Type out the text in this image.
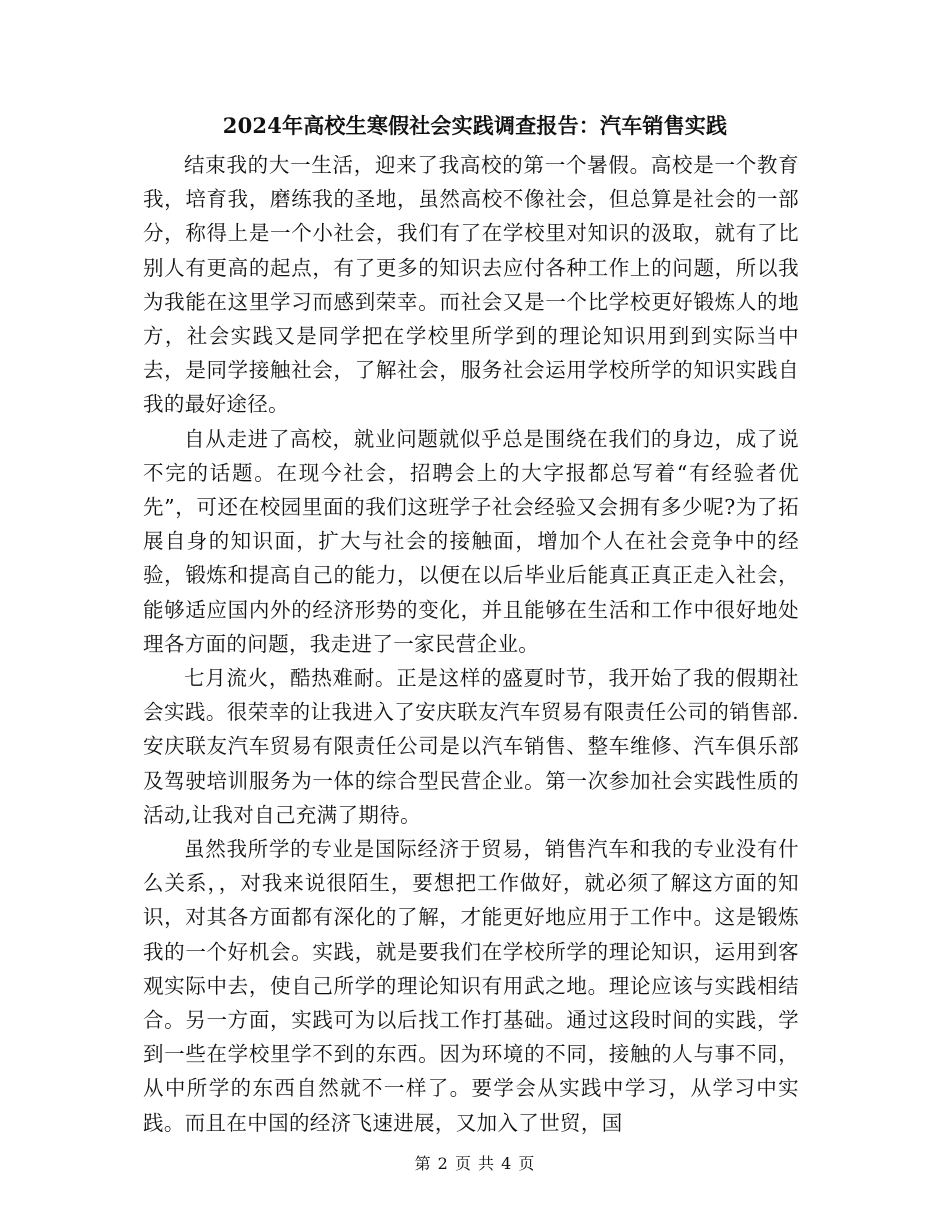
2024年高校生寒假社会实践调查报告：汽车销售实践

结束我的大一生活，迎来了我高校的第一个暑假。高校是一个教育我，培育我，磨练我的圣地，虽然高校不像社会，但总算是社会的一部分，称得上是一个小社会，我们有了在学校里对知识的汲取，就有了比别人有更高的起点，有了更多的知识去应付各种工作上的问题，所以我为我能在这里学习而感到荣幸。而社会又是一个比学校更好锻炼人的地方，社会实践又是同学把在学校里所学到的理论知识用到到实际当中去，是同学接触社会，了解社会，服务社会运用学校所学的知识实践自我的最好途径。

自从走进了高校，就业问题就似乎总是围绕在我们的身边，成了说不完的话题。在现今社会，招聘会上的大字报都总写着“有经验者优先”，可还在校园里面的我们这班学子社会经验又会拥有多少呢?为了拓展自身的知识面，扩大与社会的接触面，增加个人在社会竞争中的经验，锻炼和提高自己的能力，以便在以后毕业后能真正真正走入社会，能够适应国内外的经济形势的变化，并且能够在生活和工作中很好地处理各方面的问题，我走进了一家民营企业。

七月流火，酷热难耐。正是这样的盛夏时节，我开始了我的假期社会实践。很荣幸的让我进入了安庆联友汽车贸易有限责任公司的销售部.安庆联友汽车贸易有限责任公司是以汽车销售、整车维修、汽车俱乐部及驾驶培训服务为一体的综合型民营企业。第一次参加社会实践性质的活动,让我对自己充满了期待。

虽然我所学的专业是国际经济于贸易，销售汽车和我的专业没有什么关系，，对我来说很陌生，要想把工作做好，就必须了解这方面的知识，对其各方面都有深化的了解，才能更好地应用于工作中。这是锻炼我的一个好机会。实践，就是要我们在学校所学的理论知识，运用到客观实际中去，使自己所学的理论知识有用武之地。理论应该与实践相结合。另一方面，实践可为以后找工作打基础。通过这段时间的实践，学到一些在学校里学不到的东西。因为环境的不同，接触的人与事不同，从中所学的东西自然就不一样了。要学会从实践中学习，从学习中实践。而且在中国的经济飞速进展，又加入了世贸，国

第 2 页 共 4 页
